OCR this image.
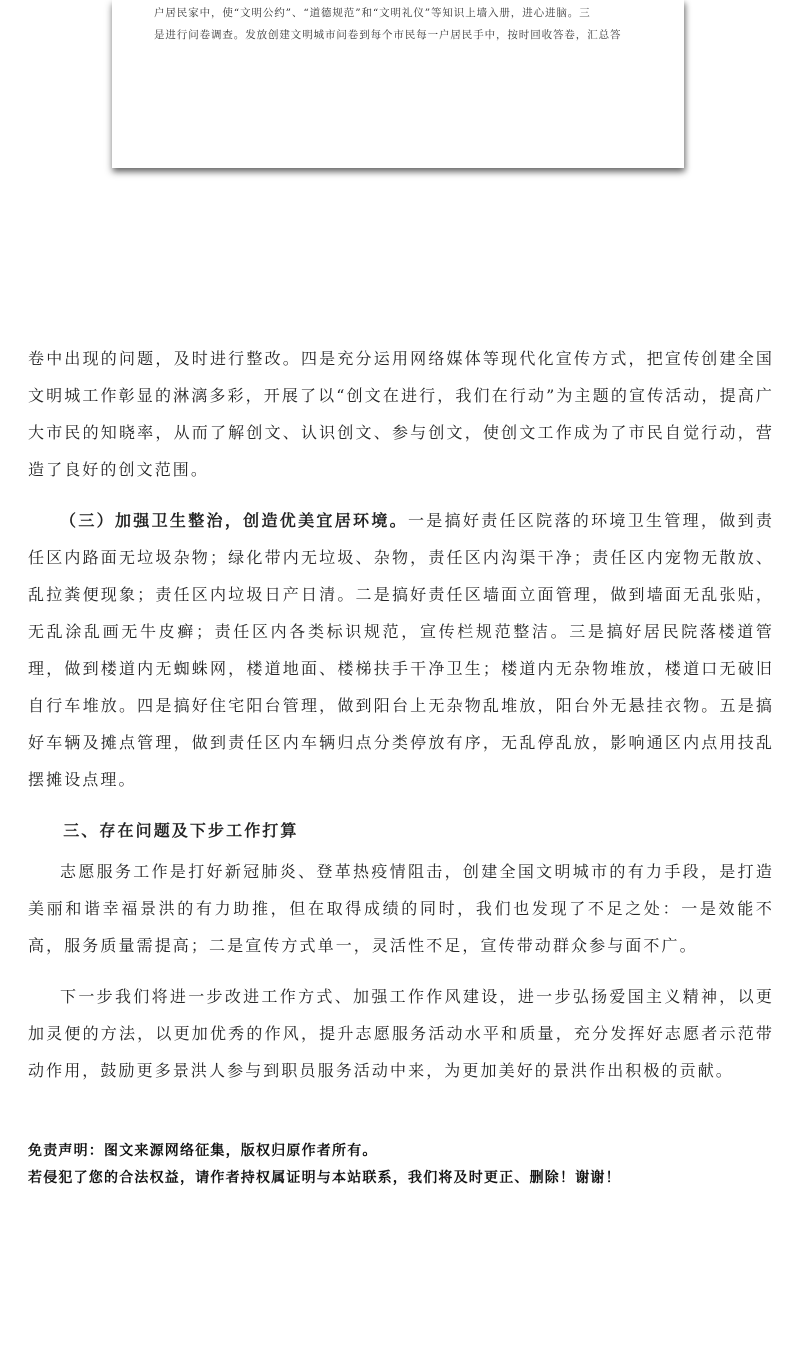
户居民家中，使“文明公约”、“道德规范”和“文明礼仪”等知识上墙入册，进心进脑。三
是进行问卷调查。发放创建文明城市问卷到每个市民每一户居民手中，按时回收答卷，汇总答

卷中出现的问题，及时进行整改。四是充分运用网络媒体等现代化宣传方式，把宣传创建全国文明城工作彰显的淋漓多彩，开展了以“创文在进行，我们在行动”为主题的宣传活动，提高广大市民的知晓率，从而了解创文、认识创文、参与创文，使创文工作成为了市民自觉行动，营造了良好的创文范围。

（三）加强卫生整治，创造优美宜居环境。一是搞好责任区院落的环境卫生管理，做到责任区内路面无垃圾杂物；绿化带内无垃圾、杂物，责任区内沟渠干净；责任区内宠物无散放、乱拉粪便现象；责任区内垃圾日产日清。二是搞好责任区墙面立面管理，做到墙面无乱张贴，无乱涂乱画无牛皮癣；责任区内各类标识规范，宣传栏规范整洁。三是搞好居民院落楼道管理，做到楼道内无蜘蛛网，楼道地面、楼梯扶手干净卫生；楼道内无杂物堆放，楼道口无破旧自行车堆放。四是搞好住宅阳台管理，做到阳台上无杂物乱堆放，阳台外无悬挂衣物。五是搞好车辆及摊点管理，做到责任区内车辆归点分类停放有序，无乱停乱放，影响通区内点用技乱摆摊设点理。

三、存在问题及下步工作打算

志愿服务工作是打好新冠肺炎、登革热疫情阻击，创建全国文明城市的有力手段，是打造美丽和谐幸福景洪的有力助推，但在取得成绩的同时，我们也发现了不足之处：一是效能不高，服务质量需提高；二是宣传方式单一，灵活性不足，宣传带动群众参与面不广。

下一步我们将进一步改进工作方式、加强工作作风建设，进一步弘扬爱国主义精神，以更加灵便的方法，以更加优秀的作风，提升志愿服务活动水平和质量，充分发挥好志愿者示范带动作用，鼓励更多景洪人参与到职员服务活动中来，为更加美好的景洪作出积极的贡献。

免责声明：图文来源网络征集，版权归原作者所有。
若侵犯了您的合法权益，请作者持权属证明与本站联系，我们将及时更正、删除！谢谢！
